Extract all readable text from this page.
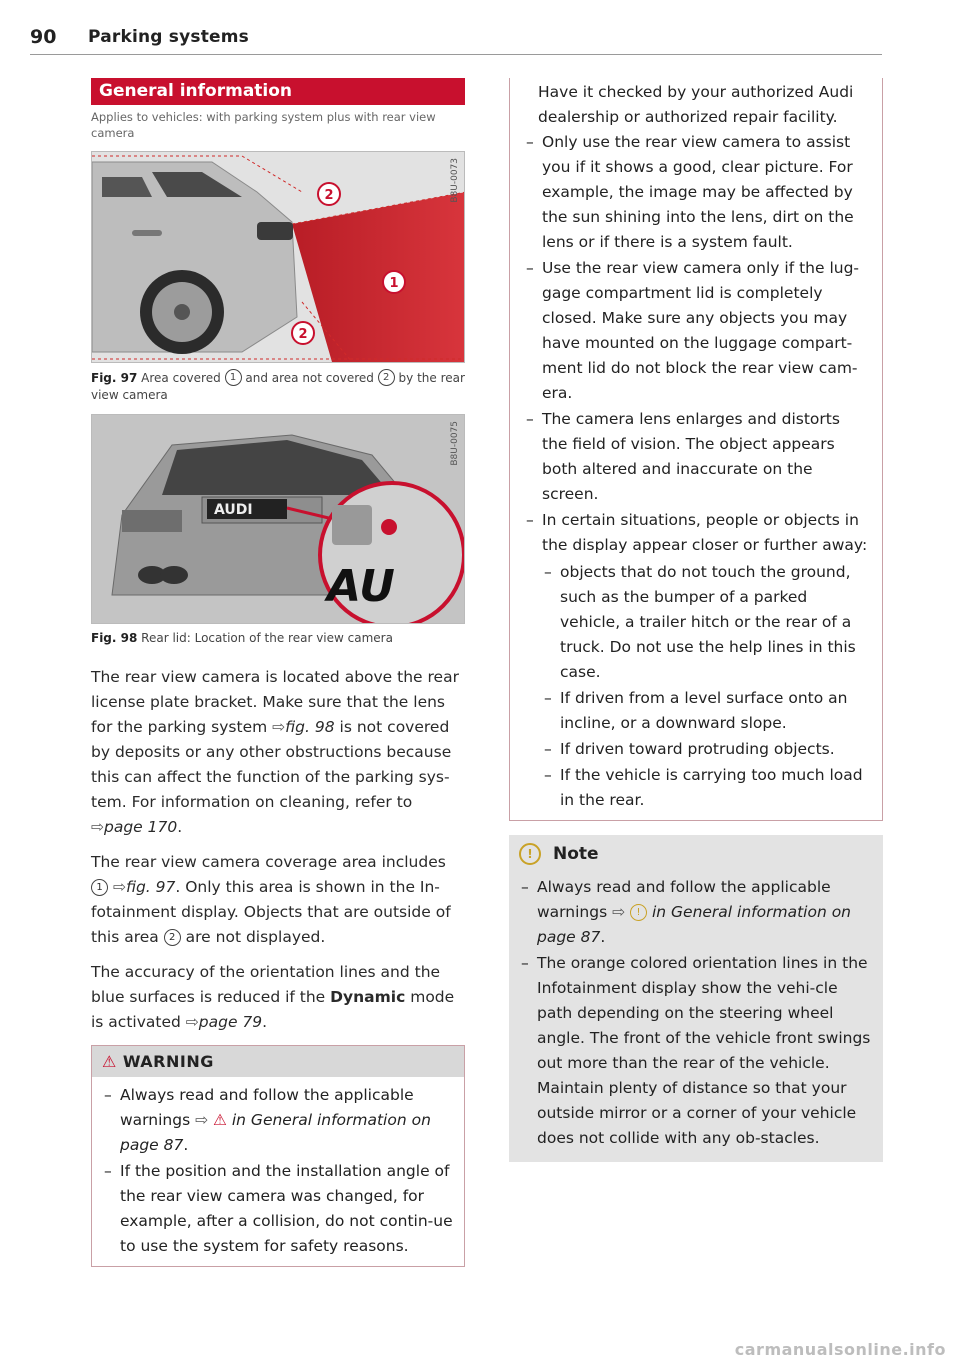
90 Parking systems
General information
Applies to vehicles: with parking system plus with rear view camera
2
1
2
B8U-0073
Fig. 97 Area covered 1 and area not covered 2 by the rear view camera
AUDI
AU
B8U-0075
Fig. 98 Rear lid: Location of the rear view camera
The rear view camera is located above the rear license plate bracket. Make sure that the lens for the parking system ⇨fig. 98 is not covered by deposits or any other obstructions because this can affect the function of the parking sys-tem. For information on cleaning, refer to ⇨page 170.
The rear view camera coverage area includes 1 ⇨fig. 97. Only this area is shown in the In-fotainment display. Objects that are outside of this area 2 are not displayed.
The accuracy of the orientation lines and the blue surfaces is reduced if the Dynamic mode is activated ⇨page 79.
⚠ WARNING
– Always read and follow the applicable warnings ⇨ ⚠ in General information on page 87.
– If the position and the installation angle of the rear view camera was changed, for example, after a collision, do not contin-ue to use the system for safety reasons.
Have it checked by your authorized Audi dealership or authorized repair facility.
– Only use the rear view camera to assist you if it shows a good, clear picture. For example, the image may be affected by the sun shining into the lens, dirt on the lens or if there is a system fault.
– Use the rear view camera only if the lug-gage compartment lid is completely closed. Make sure any objects you may have mounted on the luggage compart-ment lid do not block the rear view cam-era.
– The camera lens enlarges and distorts the field of vision. The object appears both altered and inaccurate on the screen.
– In certain situations, people or objects in the display appear closer or further away:
– objects that do not touch the ground, such as the bumper of a parked vehicle, a trailer hitch or the rear of a truck. Do not use the help lines in this case.
– If driven from a level surface onto an incline, or a downward slope.
– If driven toward protruding objects.
– If the vehicle is carrying too much load in the rear.
! Note
– Always read and follow the applicable warnings ⇨ ! in General information on page 87.
– The orange colored orientation lines in the Infotainment display show the vehi-cle path depending on the steering wheel angle. The front of the vehicle front swings out more than the rear of the vehicle. Maintain plenty of distance so that your outside mirror or a corner of your vehicle does not collide with any ob-stacles.
carmanualsonline.info
